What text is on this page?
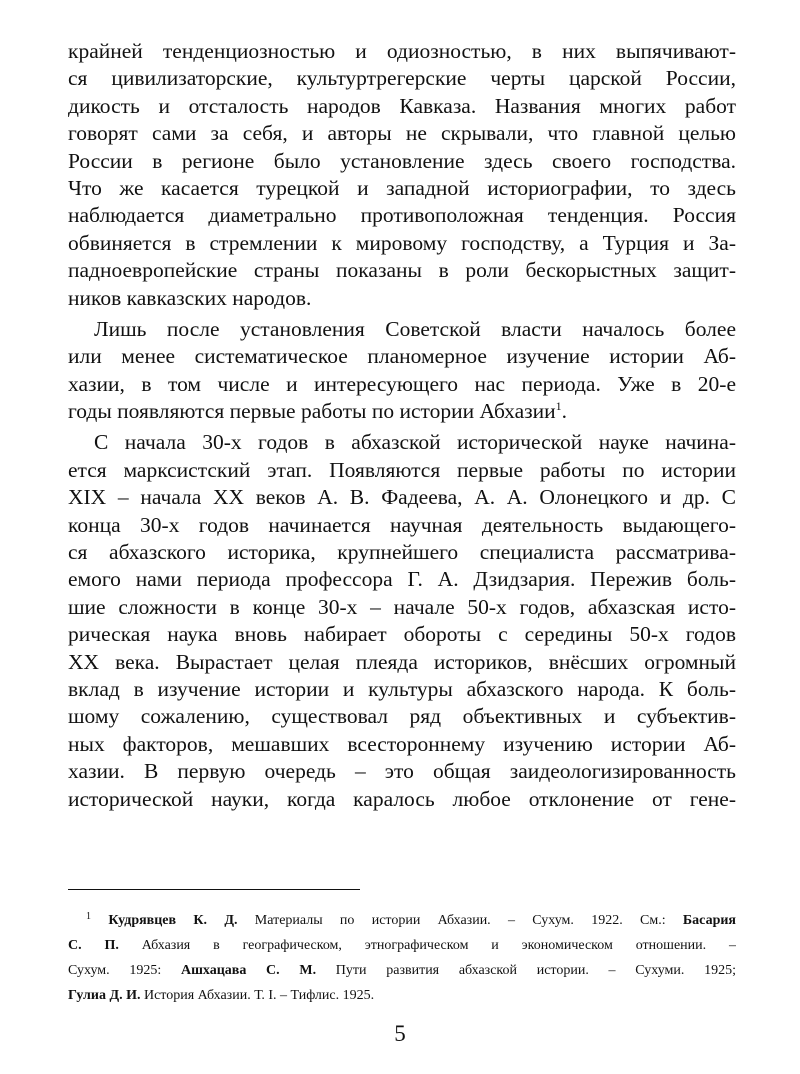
крайней тенденциозностью и одиозностью, в них выпячивают-
ся цивилизаторские, культуртрегерские черты царской России,
дикость и отсталость народов Кавказа. Названия многих работ
говорят сами за себя, и авторы не скрывали, что главной целью
России в регионе было установление здесь своего господства.
Что же касается турецкой и западной историографии, то здесь
наблюдается диаметрально противоположная тенденция. Россия
обвиняется в стремлении к мировому господству, а Турция и За-
падноевропейские страны показаны в роли бескорыстных защит-
ников кавказских народов.
Лишь после установления Советской власти началось более
или менее систематическое планомерное изучение истории Аб-
хазии, в том числе и интересующего нас периода. Уже в 20-е
годы появляются первые работы по истории Абхазии$^1$.
С начала 30-х годов в абхазской исторической науке начина-
ется марксистский этап. Появляются первые работы по истории
XIX – начала XX веков А. В. Фадеева, А. А. Олонецкого и др. С
конца 30-х годов начинается научная деятельность выдающего-
ся абхазского историка, крупнейшего специалиста рассматрива-
емого нами периода профессора Г. А. Дзидзария. Пережив боль-
шие сложности в конце 30-х – начале 50-х годов, абхазская исто-
рическая наука вновь набирает обороты с середины 50-х годов
XX века. Вырастает целая плеяда историков, внёсших огромный
вклад в изучение истории и культуры абхазского народа. К боль-
шому сожалению, существовал ряд объективных и субъектив-
ных факторов, мешавших всестороннему изучению истории Аб-
хазии. В первую очередь – это общая заидеологизированность
исторической науки, когда каралось любое отклонение от гене-
$^1$ Кудрявцев К. Д. Материалы по истории Абхазии. – Сухум. 1922. См.: Басария
С. П. Абхазия в географическом, этнографическом и экономическом отношении. –
Сухум. 1925: Ашхацава С. М. Пути развития абхазской истории. – Сухуми. 1925;
Гулиа Д. И. История Абхазии. Т. I. – Тифлис. 1925.
5
